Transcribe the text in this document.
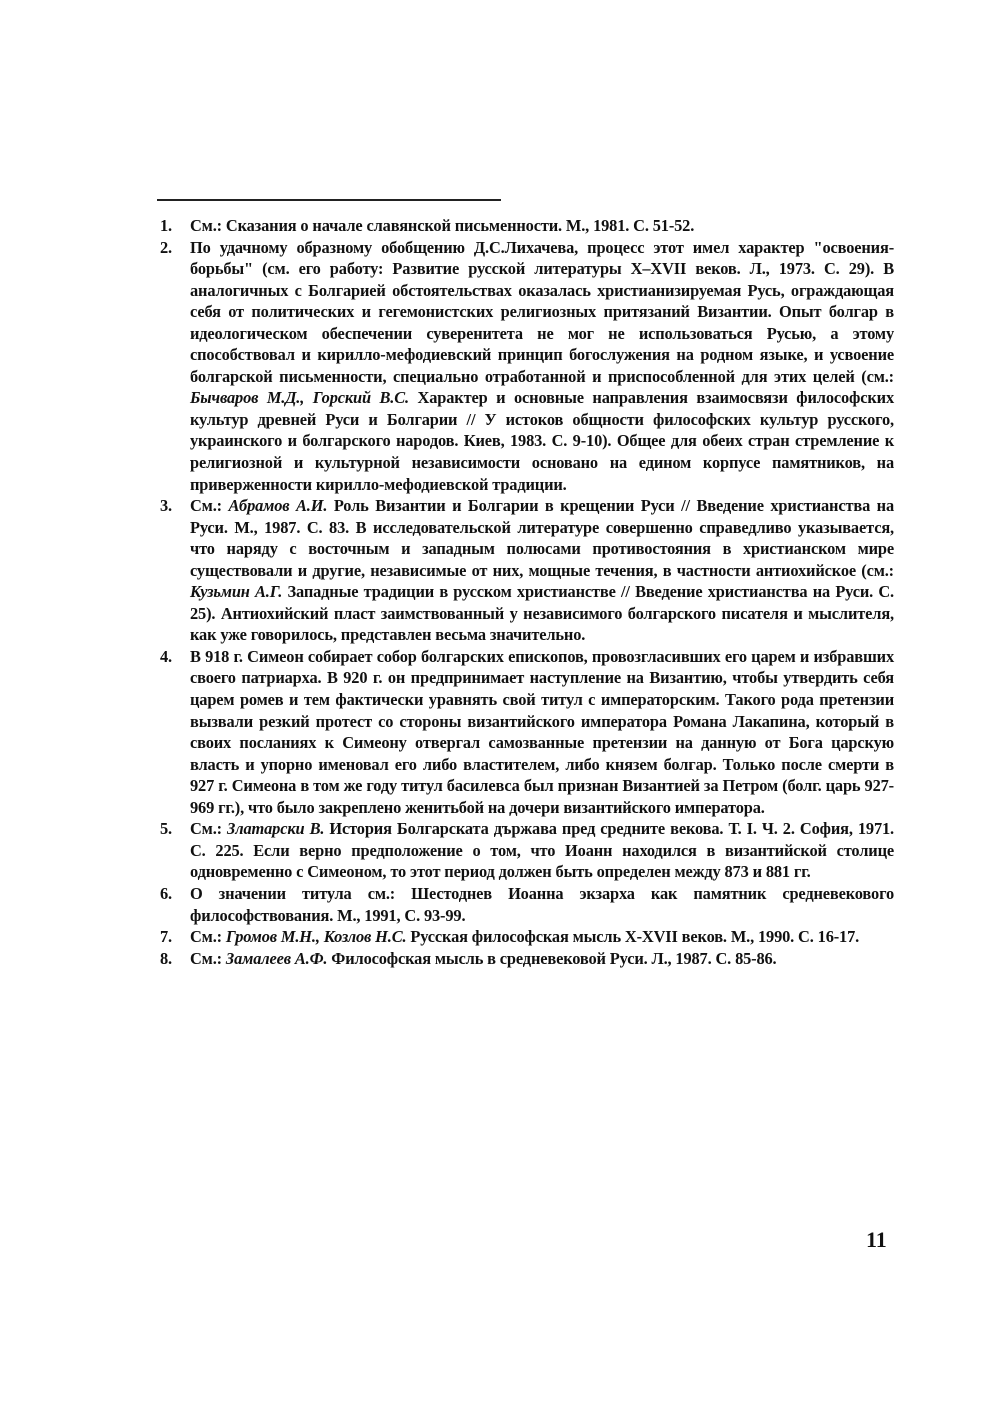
1.	См.: Сказания о начале славянской письменности. М., 1981. С. 51-52.
2.	По удачному образному обобщению Д.С.Лихачева, процесс этот имел характер "освоения-борьбы" (см. его работу: Развитие русской литературы X–XVII веков. Л., 1973. С. 29). В аналогичных с Болгарией обстоятельствах оказалась христианизируемая Русь, ограждающая себя от политических и гегемонистских религиозных притязаний Византии. Опыт болгар в идеологическом обеспечении суверенитета не мог не использоваться Русью, а этому способствовал и кирилло-мефодиевский принцип богослужения на родном языке, и усвоение болгарской письменности, специально отработанной и приспособленной для этих целей (см.: Бычваров М.Д., Горский В.С. Характер и основные направления взаимосвязи философских культур древней Руси и Болгарии // У истоков общности философских культур русского, украинского и болгарского народов. Киев, 1983. С. 9-10). Общее для обеих стран стремление к религиозной и культурной независимости основано на едином корпусе памятников, на приверженности кирилло-мефодиевской традиции.
3.	См.: Абрамов А.И. Роль Византии и Болгарии в крещении Руси // Введение христианства на Руси. М., 1987. С. 83. В исследовательской литературе совершенно справедливо указывается, что наряду с восточным и западным полюсами противостояния в христианском мире существовали и другие, независимые от них, мощные течения, в частности антиохийское (см.: Кузьмин А.Г. Западные традиции в русском христианстве // Введение христианства на Руси. С. 25). Антиохийский пласт заимствованный у независимого болгарского писателя и мыслителя, как уже говорилось, представлен весьма значительно.
4.	В 918 г. Симеон собирает собор болгарских епископов, провозгласивших его царем и избравших своего патриарха. В 920 г. он предпринимает наступление на Византию, чтобы утвердить себя царем ромев и тем фактически уравнять свой титул с императорским. Такого рода претензии вызвали резкий протест со стороны византийского императора Романа Лакапина, который в своих посланиях к Симеону отвергал самозванные претензии на данную от Бога царскую власть и упорно именовал его либо властителем, либо князем болгар. Только после смерти в 927 г. Симеона в том же году титул басилевса был признан Византией за Петром (болг. царь 927-969 гг.), что было закреплено женитьбой на дочери византийского императора.
5.	См.: Златарски В. История Болгарската държава пред средните векова. Т. I. Ч. 2. София, 1971. С. 225. Если верно предположение о том, что Иоанн находился в византийской столице одновременно с Симеоном, то этот период должен быть определен между 873 и 881 гг.
6.	О значении титула см.: Шестоднев Иоанна экзарха как памятник средневекового философствования. М., 1991, С. 93-99.
7.	См.: Громов М.Н., Козлов Н.С. Русская философская мысль X-XVII веков. М., 1990. С. 16-17.
8.	См.: Замалеев А.Ф. Философская мысль в средневековой Руси. Л., 1987. С. 85-86.
11
